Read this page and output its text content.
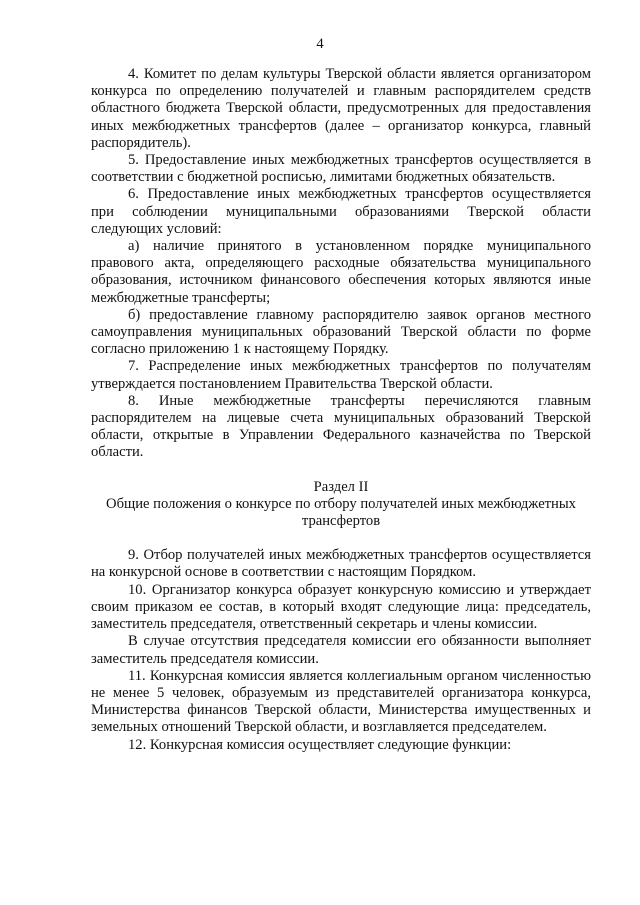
4

4. Комитет по делам культуры Тверской области является организатором конкурса по определению получателей и главным распорядителем средств областного бюджета Тверской области, предусмотренных для предоставления иных межбюджетных трансфертов (далее – организатор конкурса, главный распорядитель).

5. Предоставление иных межбюджетных трансфертов осуществляется в соответствии с бюджетной росписью, лимитами бюджетных обязательств.

6. Предоставление иных межбюджетных трансфертов осуществляется при соблюдении муниципальными образованиями Тверской области следующих условий:

а) наличие принятого в установленном порядке муниципального правового акта, определяющего расходные обязательства муниципального образования, источником финансового обеспечения которых являются иные межбюджетные трансферты;

б) предоставление главному распорядителю заявок органов местного самоуправления муниципальных образований Тверской области по форме согласно приложению 1 к настоящему Порядку.

7. Распределение иных межбюджетных трансфертов по получателям утверждается постановлением Правительства Тверской области.

8. Иные межбюджетные трансферты перечисляются главным распорядителем на лицевые счета муниципальных образований Тверской области, открытые в Управлении Федерального казначейства по Тверской области.

Раздел II

Общие положения о конкурсе по отбору получателей иных межбюджетных трансфертов

9. Отбор получателей иных межбюджетных трансфертов осуществляется на конкурсной основе в соответствии с настоящим Порядком.

10. Организатор конкурса образует конкурсную комиссию и утверждает своим приказом ее состав, в который входят следующие лица: председатель, заместитель председателя, ответственный секретарь и члены комиссии.

В случае отсутствия председателя комиссии его обязанности выполняет заместитель председателя комиссии.

11. Конкурсная комиссия является коллегиальным органом численностью не менее 5 человек, образуемым из представителей организатора конкурса, Министерства финансов Тверской области, Министерства имущественных и земельных отношений Тверской области, и возглавляется председателем.

12. Конкурсная комиссия осуществляет следующие функции:
